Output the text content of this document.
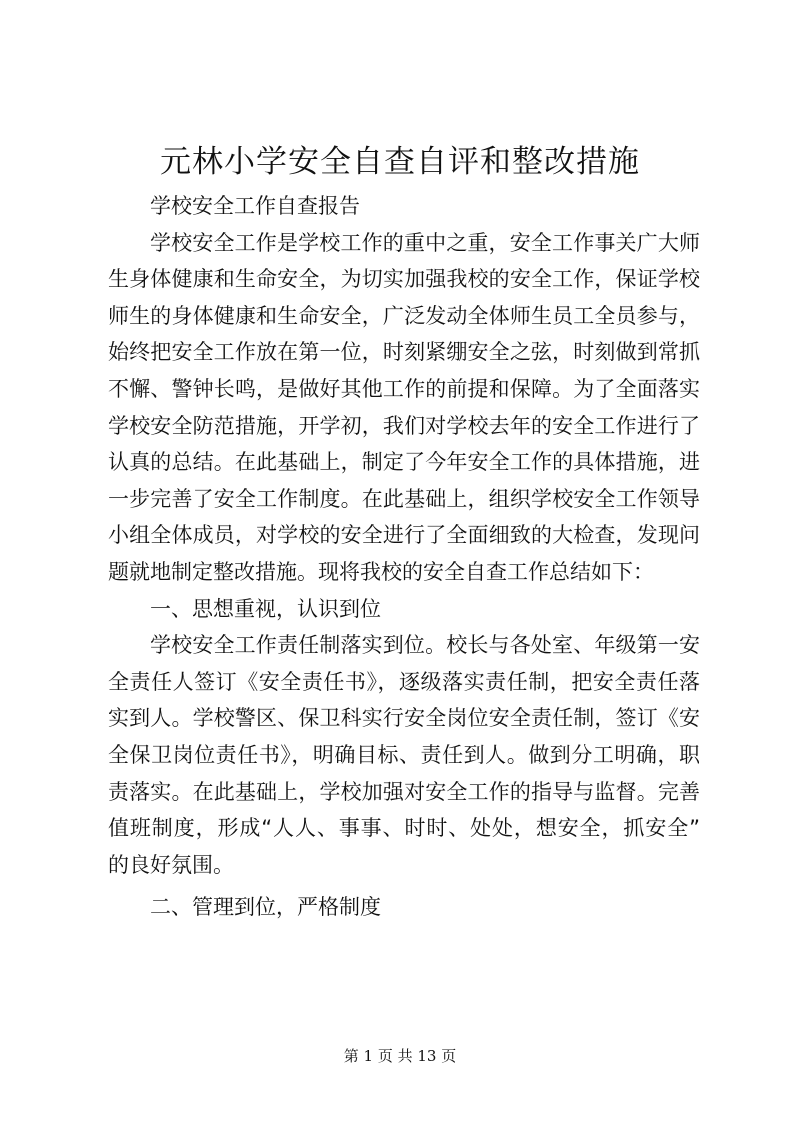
元林小学安全自查自评和整改措施
学校安全工作自查报告
学校安全工作是学校工作的重中之重，安全工作事关广大师
生身体健康和生命安全，为切实加强我校的安全工作，保证学校
师生的身体健康和生命安全，广泛发动全体师生员工全员参与，
始终把安全工作放在第一位，时刻紧绷安全之弦，时刻做到常抓
不懈、警钟长鸣，是做好其他工作的前提和保障。为了全面落实
学校安全防范措施，开学初，我们对学校去年的安全工作进行了
认真的总结。在此基础上，制定了今年安全工作的具体措施，进
一步完善了安全工作制度。在此基础上，组织学校安全工作领导
小组全体成员，对学校的安全进行了全面细致的大检查，发现问
题就地制定整改措施。现将我校的安全自查工作总结如下：
一、思想重视，认识到位
学校安全工作责任制落实到位。校长与各处室、年级第一安
全责任人签订《安全责任书》，逐级落实责任制，把安全责任落
实到人。学校警区、保卫科实行安全岗位安全责任制，签订《安
全保卫岗位责任书》，明确目标、责任到人。做到分工明确，职
责落实。在此基础上，学校加强对安全工作的指导与监督。完善
值班制度，形成“人人、事事、时时、处处，想安全，抓安全”
的良好氛围。
二、管理到位，严格制度
第 1 页 共 13 页
